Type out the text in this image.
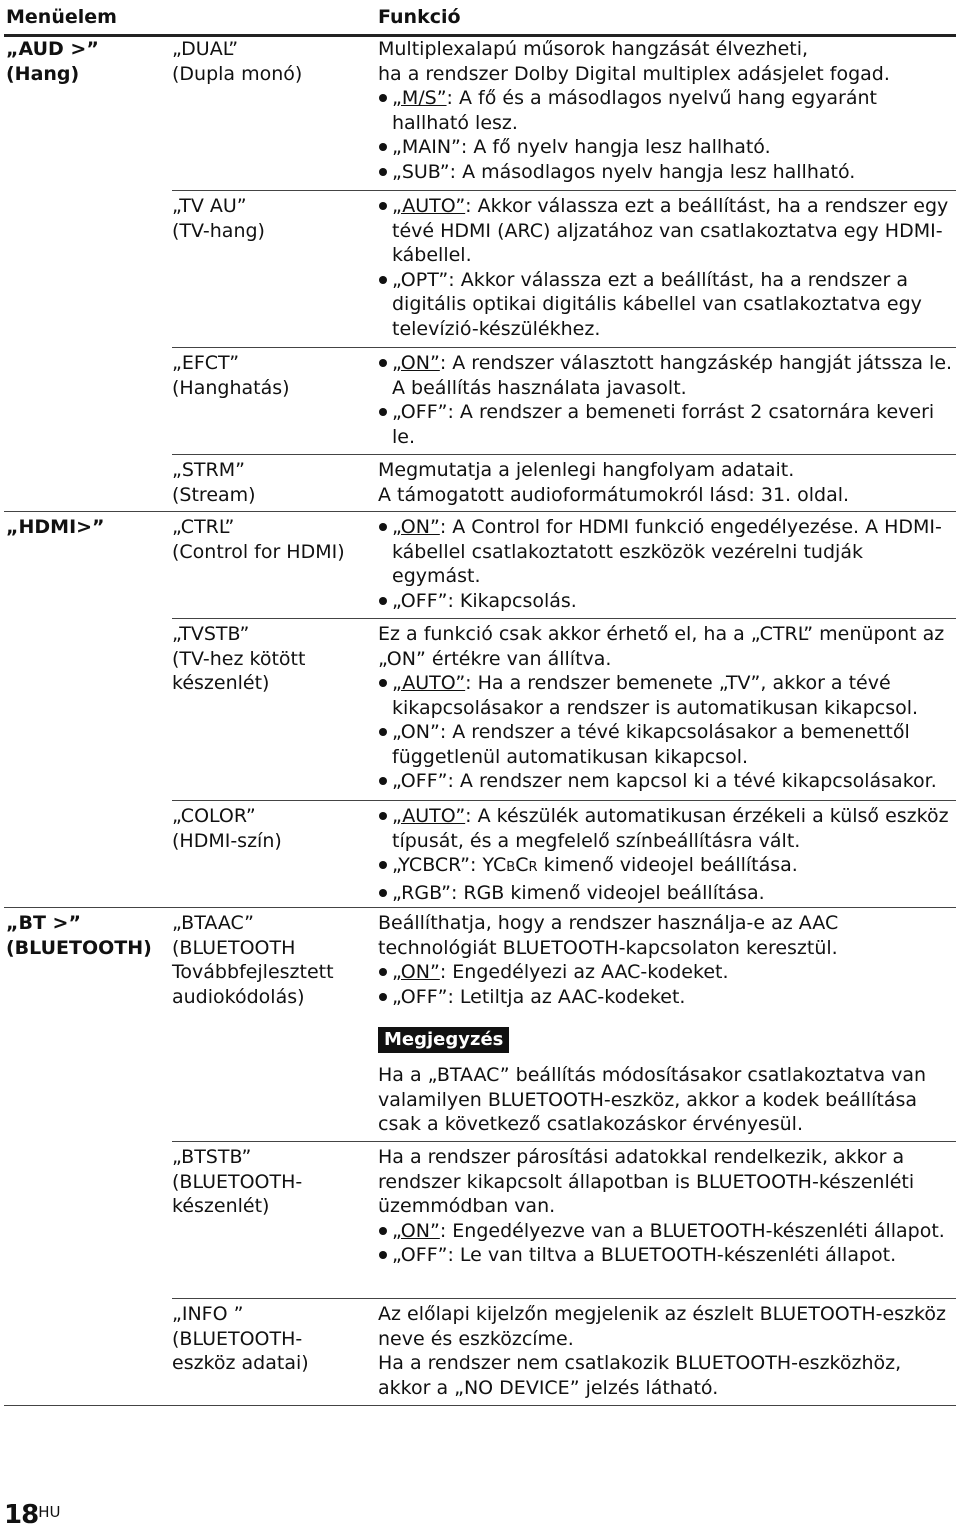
Menüelem	Funkció
„AUD >”
(Hang)
„DUAL”
(Dupla monó)

Multiplexalapú műsorok hangzását élvezheti,
ha a rendszer Dolby Digital multiplex adásjelet fogad.

„M/S”: A fő és a másodlagos nyelvű hang egyaránt hallható lesz.

„MAIN”: A fő nyelv hangja lesz hallható.

„SUB”: A másodlagos nyelv hangja lesz hallható.

„TV AU”
(TV-hang)

„AUTO”: Akkor válassza ezt a beállítást, ha a rendszer egy tévé HDMI (ARC) aljzatához van csatlakoztatva egy HDMI-kábellel.

„OPT”: Akkor válassza ezt a beállítást, ha a rendszer a digitális optikai digitális kábellel van csatlakoztatva egy televízió-készülékhez.

„EFCT”
(Hanghatás)

„ON”: A rendszer választott hangzáskép hangját játssza le. A beállítás használata javasolt.

„OFF”: A rendszer a bemeneti forrást 2 csatornára keveri le.

„STRM”
(Stream)

Megmutatja a jelenlegi hangfolyam adatait.
A támogatott audioformátumokról lásd: 31. oldal.

„HDMI>”	„CTRL”
(Control for HDMI)

„ON”: A Control for HDMI funkció engedélyezése. A HDMI-kábellel csatlakoztatott eszközök vezérelni tudják egymást.

„OFF”: Kikapcsolás.

„TVSTB”
(TV-hez kötött készenlét)

Ez a funkció csak akkor érhető el, ha a „CTRL” menüpont az „ON” értékre van állítva.

„AUTO”: Ha a rendszer bemenete „TV”, akkor a tévé kikapcsolásakor a rendszer is automatikusan kikapcsol.

„ON”: A rendszer a tévé kikapcsolásakor a bemenettől függetlenül automatikusan kikapcsol.

„OFF”: A rendszer nem kapcsol ki a tévé kikapcsolásakor.

„COLOR”
(HDMI-szín)

„AUTO”: A készülék automatikusan érzékeli a külső eszköz típusát, és a megfelelő színbeállításra vált.

„YCBCR”: YCBCR kimenő videojel beállítása.

„RGB”: RGB kimenő videojel beállítása.

„BT >”
(BLUETOOTH)
„BTAAC”
(BLUETOOTH Továbbfejlesztett audiokódolás)

Beállíthatja, hogy a rendszer használja-e az AAC technológiát BLUETOOTH-kapcsolaton keresztül.

„ON”: Engedélyezi az AAC-kodeket.

„OFF”: Letiltja az AAC-kodeket.

Megjegyzés
Ha a „BTAAC” beállítás módosításakor csatlakoztatva van valamilyen BLUETOOTH-eszköz, akkor a kodek beállítása csak a következő csatlakozáskor érvényesül.
„BTSTB”
(BLUETOOTH-készenlét)

Ha a rendszer párosítási adatokkal rendelkezik, akkor a rendszer kikapcsolt állapotban is BLUETOOTH-készenléti üzemmódban van.

„ON”: Engedélyezve van a BLUETOOTH-készenléti állapot.

„OFF”: Le van tiltva a BLUETOOTH-készenléti állapot.

„INFO ”
(BLUETOOTH-eszköz adatai)

Az előlapi kijelzőn megjelenik az észlelt BLUETOOTH-eszköz neve és eszközcíme.
Ha a rendszer nem csatlakozik BLUETOOTH-eszközhöz, akkor a „NO DEVICE” jelzés látható.

$18^{HU}$
